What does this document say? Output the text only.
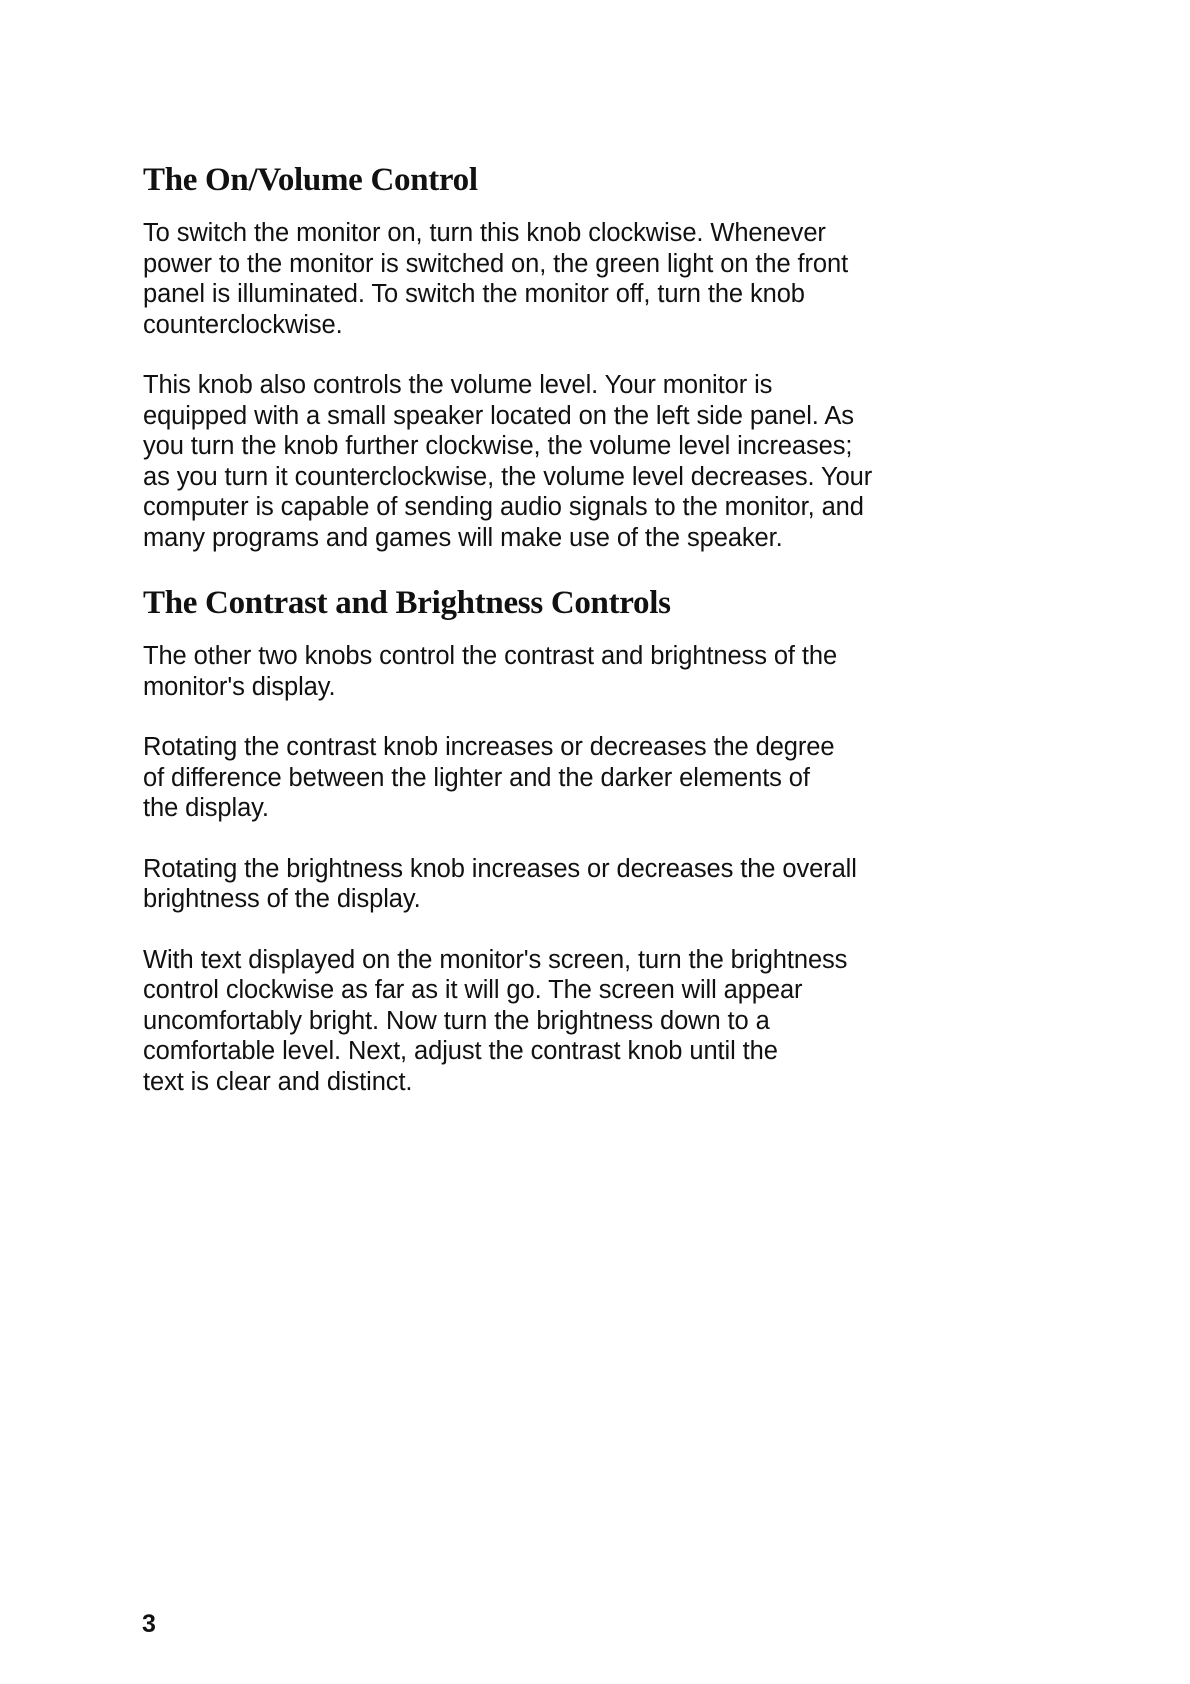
The On/Volume Control

To switch the monitor on, turn this knob clockwise. Whenever
power to the monitor is switched on, the green light on the front
panel is illuminated. To switch the monitor off, turn the knob
counterclockwise.

This knob also controls the volume level. Your monitor is
equipped with a small speaker located on the left side panel. As
you turn the knob further clockwise, the volume level increases;
as you turn it counterclockwise, the volume level decreases. Your
computer is capable of sending audio signals to the monitor, and
many programs and games will make use of the speaker.

The Contrast and Brightness Controls

The other two knobs control the contrast and brightness of the
monitor's display.

Rotating the contrast knob increases or decreases the degree
of difference between the lighter and the darker elements of
the display.

Rotating the brightness knob increases or decreases the overall
brightness of the display.

With text displayed on the monitor's screen, turn the brightness
control clockwise as far as it will go. The screen will appear
uncomfortably bright. Now turn the brightness down to a
comfortable level. Next, adjust the contrast knob until the
text is clear and distinct.

3
